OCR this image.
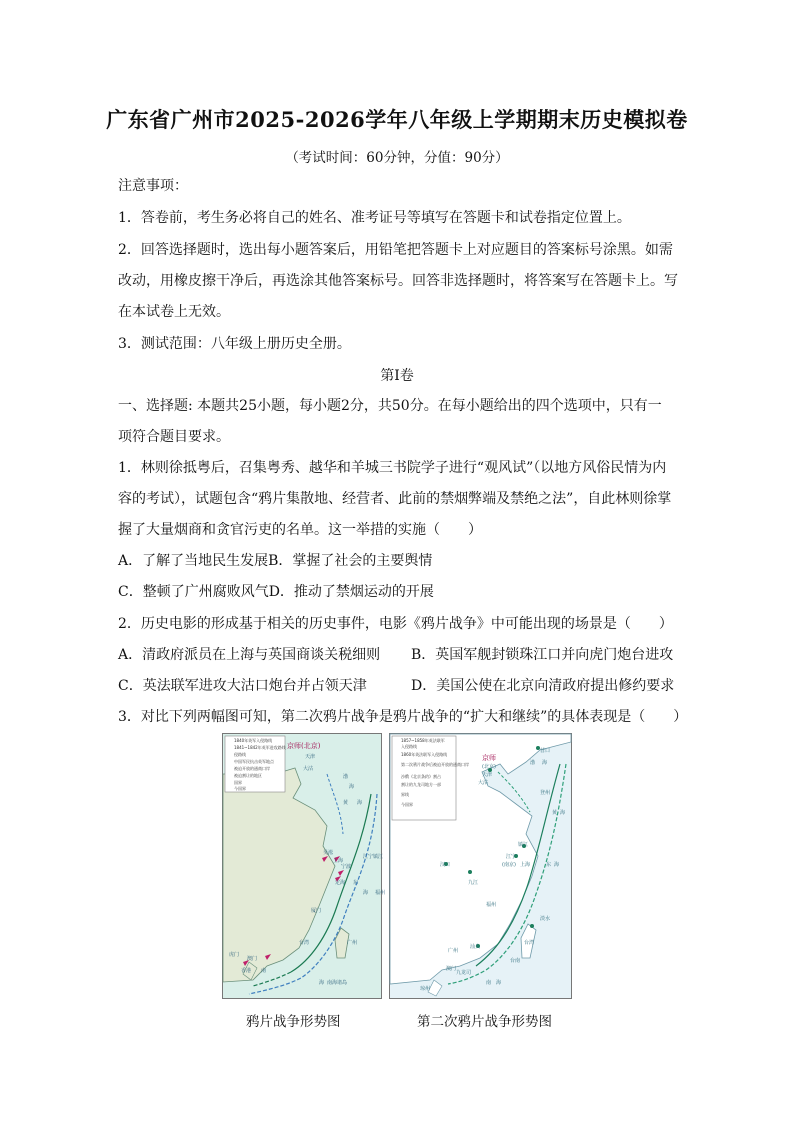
广东省广州市2025-2026学年八年级上学期期末历史模拟卷
（考试时间：60分钟，分值：90分）
注意事项：
1．答卷前，考生务必将自己的姓名、准考证号等填写在答题卡和试卷指定位置上。
2．回答选择题时，选出每小题答案后，用铅笔把答题卡上对应题目的答案标号涂黑。如需
改动，用橡皮擦干净后，再选涂其他答案标号。回答非选择题时，将答案写在答题卡上。写
在本试卷上无效。
3．测试范围：八年级上册历史全册。
第Ⅰ卷
一、选择题: 本题共25小题，每小题2分，共50分。在每小题给出的四个选项中，只有一
项符合题目要求。
1．林则徐抵粤后，召集粤秀、越华和羊城三书院学子进行“观风试”（以地方风俗民情为内
容的考试），试题包含“鸦片集散地、经营者、此前的禁烟弊端及禁绝之法”，自此林则徐掌
握了大量烟商和贪官污吏的名单。这一举措的实施（　　）
A．了解了当地民生发展B．掌握了社会的主要舆情
C．整顿了广州腐败风气D．推动了禁烟运动的开展
2．历史电影的形成基于相关的历史事件，电影《鸦片战争》中可能出现的场景是（　　）
A．清政府派员在上海与英国商谈关税细则 B．英国军舰封锁珠江口并向虎门炮台进攻
C．英法联军进攻大沽口炮台并占领天津	D．美国公使在北京向清政府提出修约要求
3．对比下列两幅图可知，第二次鸦片战争是鸦片战争的“扩大和继续”的具体表现是（　　）
1840年英军入侵路线
1841~1842年英军进攻路线
侵路线
中国军民抗击英军地点
被迫开放的通商口岸
被迫割让的地区
国界
今国界
京师(北京)
天津
大沽
渤
海
黄 海
江宁 镇江
吴淞
上海
宁波
定海 东
海 福州
厦门
台湾	广州
虎门
澳门
香港 南
海 南海诸岛
鸦片战争形势图
1857~1858年英法联军
入侵路线
1860年英法联军入侵路线
第二次鸦片战争后被迫开放的通商口岸
沙俄《北京条约》割占
割让的九龙司地方一部
界线
今国界
京师
(北京)
天津
大沽
营口
渤 海
登州
黄 海
汉口
九江
江宁
(南京)
镇江
上海	东 海
福州
淡水
台湾
台南
汕头
广州
澳门
九龙司
琼州
南 海
第二次鸦片战争形势图
